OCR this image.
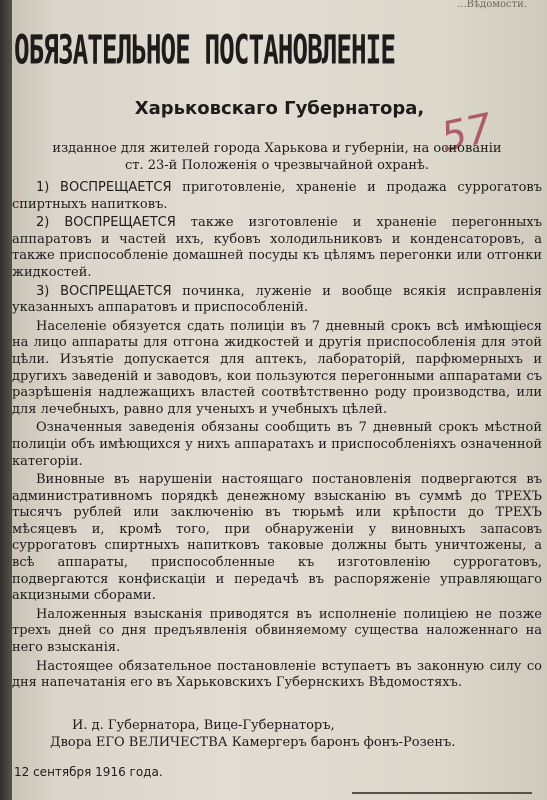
...Вѣдомости.
ОБЯЗАТЕЛЬНОЕ ПОСТАНОВЛЕНІЕ
Харьковскаго Губернатора, 57
изданное для жителей города Харькова и губерніи, на основаніи
ст. 23-й Положенія о чрезвычайной охранѣ.

1) ВОСПРЕЩАЕТСЯ приготовленіе, храненіе и продажа суррогатовъ спиртныхъ напитковъ.

2) ВОСПРЕЩАЕТСЯ также изготовленіе и храненіе перегонныхъ аппаратовъ и частей ихъ, кубовъ холодильниковъ и конденсаторовъ, а также приспособленіе домашней посуды къ цѣлямъ перегонки или отгонки жидкостей.

3) ВОСПРЕЩАЕТСЯ починка, луженіе и вообще всякія исправленія указанныхъ аппаратовъ и приспособленій.

Населеніе обязуется сдать полиціи въ 7 дневный срокъ всѣ имѣющіеся на лицо аппараты для отгона жидкостей и другія приспособленія для этой цѣли. Изъятіе допускается для аптекъ, лабораторій, парфюмерныхъ и другихъ заведеній и заводовъ, кои пользуются перегонными аппаратами съ разрѣшенія надлежащихъ властей соотвѣтственно роду производства, или для лечебныхъ, равно для ученыхъ и учебныхъ цѣлей.

Означенныя заведенія обязаны сообщить въ 7 дневный срокъ мѣстной полиціи объ имѣющихся у нихъ аппаратахъ и приспособленіяхъ означенной категоріи.

Виновные въ нарушеніи настоящаго постановленія подвергаются въ административномъ порядкѣ денежному взысканію въ суммѣ до ТРЕХЪ тысячъ рублей или заключенію въ тюрьмѣ или крѣпости до ТРЕХЪ мѣсяцевъ и, кромѣ того, при обнаруженіи у виновныхъ запасовъ суррогатовъ спиртныхъ напитковъ таковые должны быть уничтожены, а всѣ аппараты, приспособленные къ изготовленію суррогатовъ, подвергаются конфискаціи и передачѣ въ распоряженіе управляющаго акцизными сборами.

Наложенныя взысканія приводятся въ исполненіе полиціею не позже трехъ дней со дня предъявленія обвиняемому существа наложеннаго на него взысканія.

Настоящее обязательное постановленіе вступаетъ въ законную силу со дня напечатанія его въ Харьковскихъ Губернскихъ Вѣдомостяхъ.

И. д. Губернатора, Вице-Губернаторъ,
Двора ЕГО ВЕЛИЧЕСТВА Камергеръ баронъ фонъ-Розенъ.
12 сентября 1916 года.
